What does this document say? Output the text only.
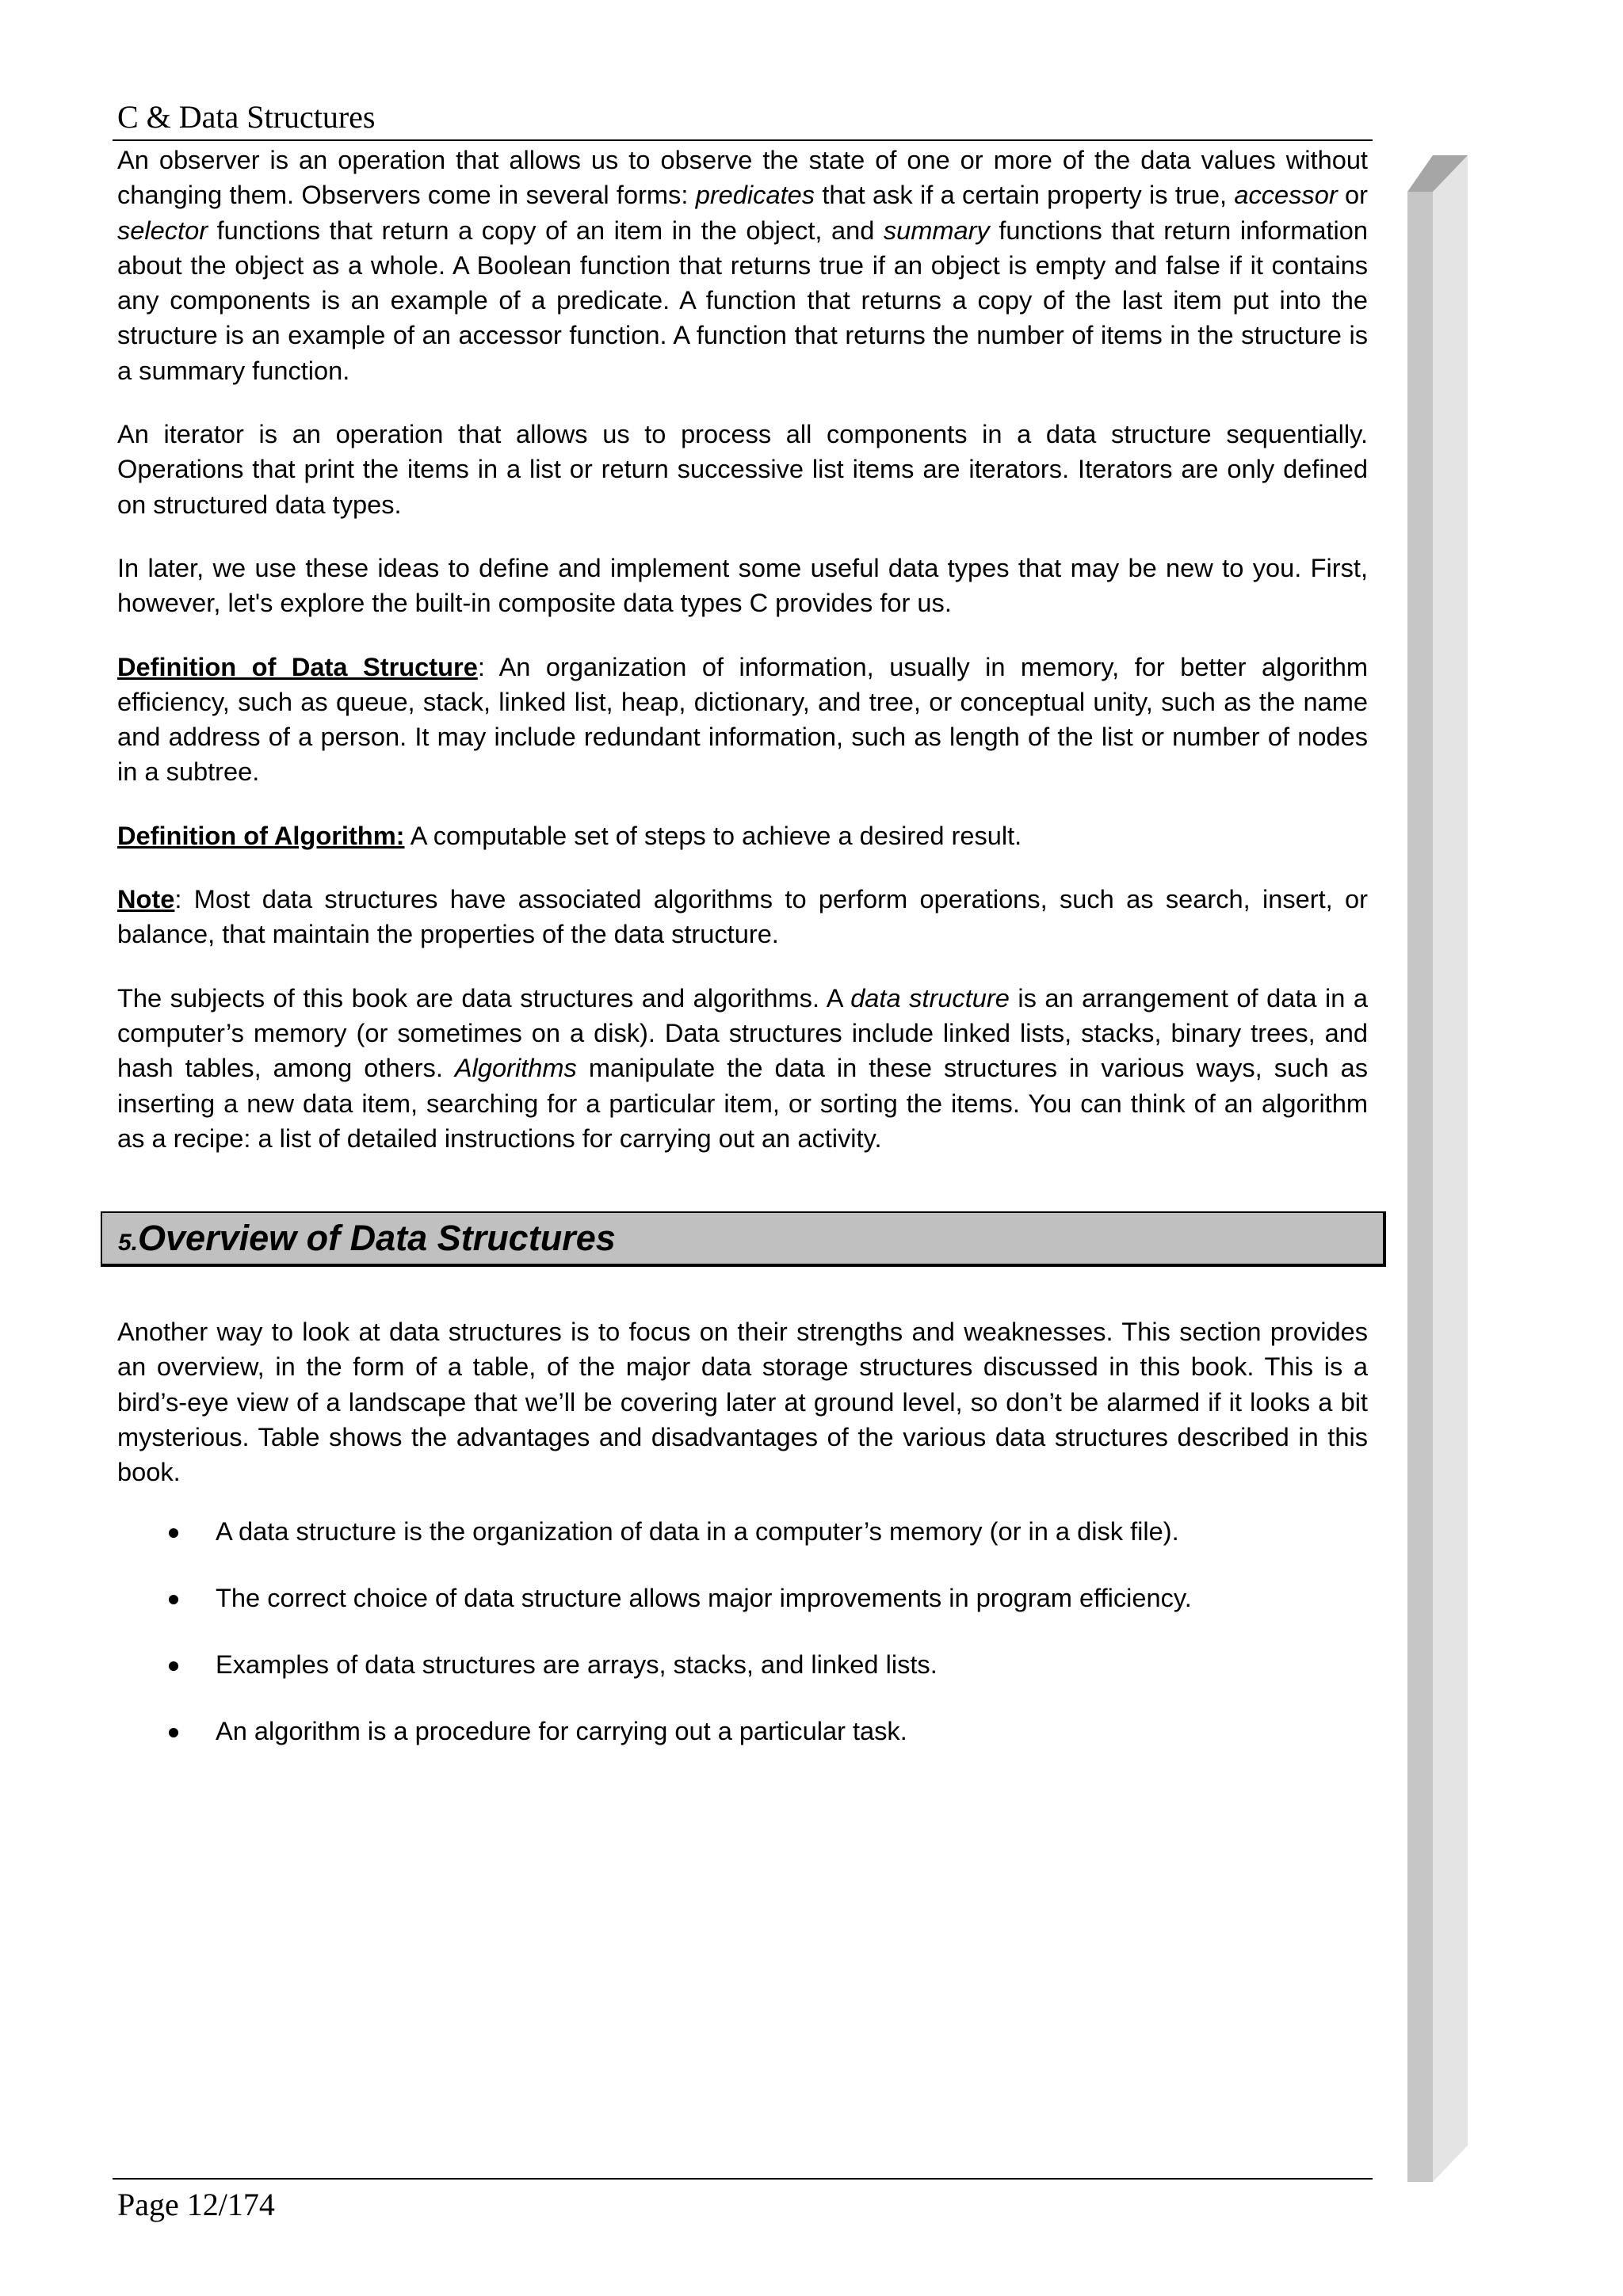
C & Data Structures

An observer is an operation that allows us to observe the state of one or more of the data values without changing them. Observers come in several forms: predicates that ask if a certain property is true, accessor or selector functions that return a copy of an item in the object, and summary functions that return information about the object as a whole. A Boolean function that returns true if an object is empty and false if it contains any components is an example of a predicate. A function that returns a copy of the last item put into the structure is an example of an accessor function. A function that returns the number of items in the structure is a summary function.

An iterator is an operation that allows us to process all components in a data structure sequentially. Operations that print the items in a list or return successive list items are iterators. Iterators are only defined on structured data types.

In later, we use these ideas to define and implement some useful data types that may be new to you. First, however, let's explore the built-in composite data types C provides for us.

Definition of Data Structure: An organization of information, usually in memory, for better algorithm efficiency, such as queue, stack, linked list, heap, dictionary, and tree, or conceptual unity, such as the name and address of a person. It may include redundant information, such as length of the list or number of nodes in a subtree.

Definition of Algorithm: A computable set of steps to achieve a desired result.

Note: Most data structures have associated algorithms to perform operations, such as search, insert, or balance, that maintain the properties of the data structure.

The subjects of this book are data structures and algorithms. A data structure is an arrangement of data in a computer’s memory (or sometimes on a disk). Data structures include linked lists, stacks, binary trees, and hash tables, among others. Algorithms manipulate the data in these structures in various ways, such as inserting a new data item, searching for a particular item, or sorting the items. You can think of an algorithm as a recipe: a list of detailed instructions for carrying out an activity.

5.Overview of Data Structures

Another way to look at data structures is to focus on their strengths and weaknesses. This section provides an overview, in the form of a table, of the major data storage structures discussed in this book. This is a bird’s-eye view of a landscape that we’ll be covering later at ground level, so don’t be alarmed if it looks a bit mysterious. Table shows the advantages and disadvantages of the various data structures described in this book.

A data structure is the organization of data in a computer’s memory (or in a disk file).
The correct choice of data structure allows major improvements in program efficiency.
Examples of data structures are arrays, stacks, and linked lists.
An algorithm is a procedure for carrying out a particular task.
Page 12/174
